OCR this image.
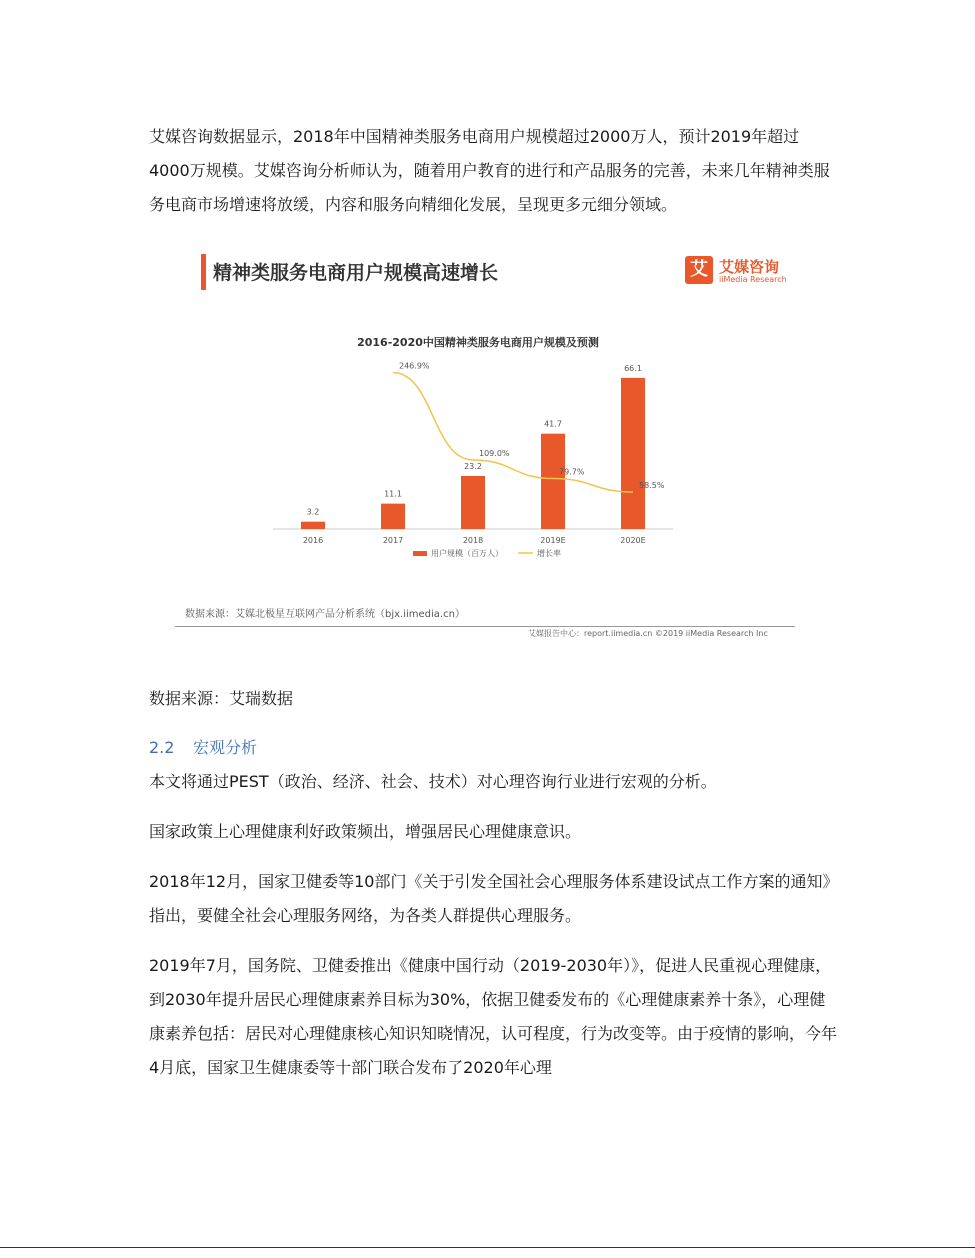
艾媒咨询数据显示，2018年中国精神类服务电商用户规模超过2000万人，预计2019年超过4000万规模。艾媒咨询分析师认为，随着用户教育的进行和产品服务的完善，未来几年精神类服务电商市场增速将放缓，内容和服务向精细化发展，呈现更多元细分领域。

精神类服务电商用户规模高速增长	艾 艾媒咨询
iiMedia Research
2016-2020中国精神类服务电商用户规模及预测
3.2
2016
11.1
2017
23.2
2018
41.7
2019E
66.1
2020E
246.9%
109.0%
79.7%
58.5%
用户规模（百万人）	增长率
数据来源：艾媒北极星互联网产品分析系统（bjx.iimedia.cn）
艾媒报告中心：report.iimedia.cn ©2019 iiMedia Research Inc

数据来源：艾瑞数据

2.2 宏观分析

本文将通过PEST（政治、经济、社会、技术）对心理咨询行业进行宏观的分析。

国家政策上心理健康利好政策频出，增强居民心理健康意识。

2018年12月，国家卫健委等10部门《关于引发全国社会心理服务体系建设试点工作方案的通知》指出，要健全社会心理服务网络，为各类人群提供心理服务。

2019年7月，国务院、卫健委推出《健康中国行动（2019-2030年）》，促进人民重视心理健康，到2030年提升居民心理健康素养目标为30%，依据卫健委发布的《心理健康素养十条》，心理健康素养包括：居民对心理健康核心知识知晓情况，认可程度，行为改变等。由于疫情的影响，今年4月底，国家卫生健康委等十部门联合发布了2020年心理
